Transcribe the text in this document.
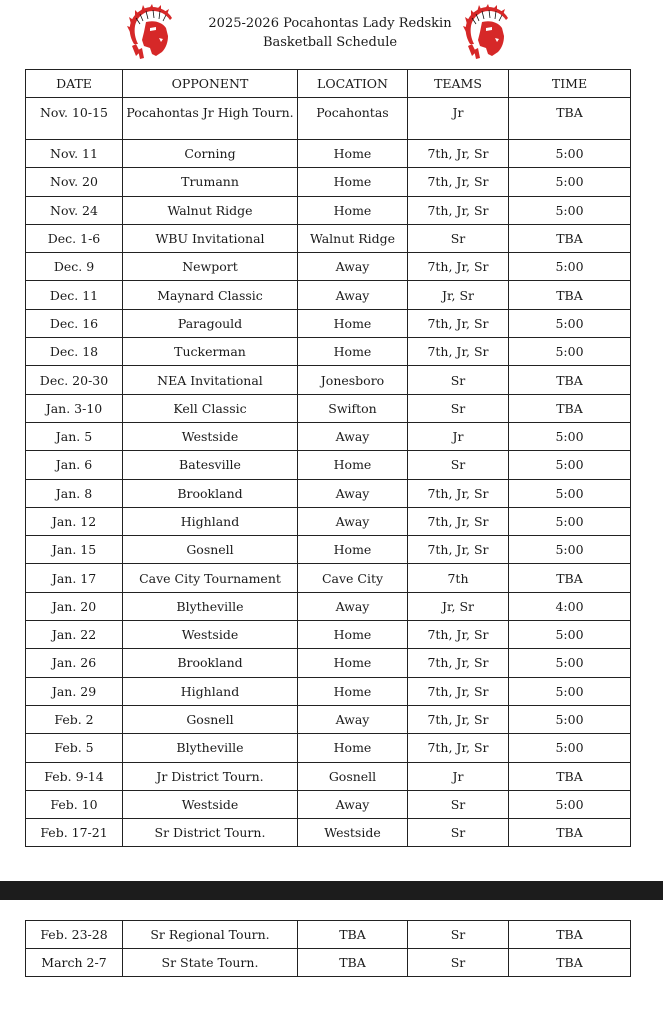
2025-2026 Pocahontas Lady Redskin
Basketball Schedule
DATE	OPPONENT	LOCATION	TEAMS	TIME
Nov. 10-15	Pocahontas Jr High Tourn.	Pocahontas	Jr	TBA
Nov. 11	Corning	Home	7th, Jr, Sr	5:00
Nov. 20	Trumann	Home	7th, Jr, Sr	5:00
Nov. 24	Walnut Ridge	Home	7th, Jr, Sr	5:00
Dec. 1-6	WBU Invitational	Walnut Ridge	Sr	TBA
Dec. 9	Newport	Away	7th, Jr, Sr	5:00
Dec. 11	Maynard Classic	Away	Jr, Sr	TBA
Dec. 16	Paragould	Home	7th, Jr, Sr	5:00
Dec. 18	Tuckerman	Home	7th, Jr, Sr	5:00
Dec. 20-30	NEA Invitational	Jonesboro	Sr	TBA
Jan. 3-10	Kell Classic	Swifton	Sr	TBA
Jan. 5	Westside	Away	Jr	5:00
Jan. 6	Batesville	Home	Sr	5:00
Jan. 8	Brookland	Away	7th, Jr, Sr	5:00
Jan. 12	Highland	Away	7th, Jr, Sr	5:00
Jan. 15	Gosnell	Home	7th, Jr, Sr	5:00
Jan. 17	Cave City Tournament	Cave City	7th	TBA
Jan. 20	Blytheville	Away	Jr, Sr	4:00
Jan. 22	Westside	Home	7th, Jr, Sr	5:00
Jan. 26	Brookland	Home	7th, Jr, Sr	5:00
Jan. 29	Highland	Home	7th, Jr, Sr	5:00
Feb. 2	Gosnell	Away	7th, Jr, Sr	5:00
Feb. 5	Blytheville	Home	7th, Jr, Sr	5:00
Feb. 9-14	Jr District Tourn.	Gosnell	Jr	TBA
Feb. 10	Westside	Away	Sr	5:00
Feb. 17-21	Sr District Tourn.	Westside	Sr	TBA
Feb. 23-28	Sr Regional Tourn.	TBA	Sr	TBA
March 2-7	Sr State Tourn.	TBA	Sr	TBA
